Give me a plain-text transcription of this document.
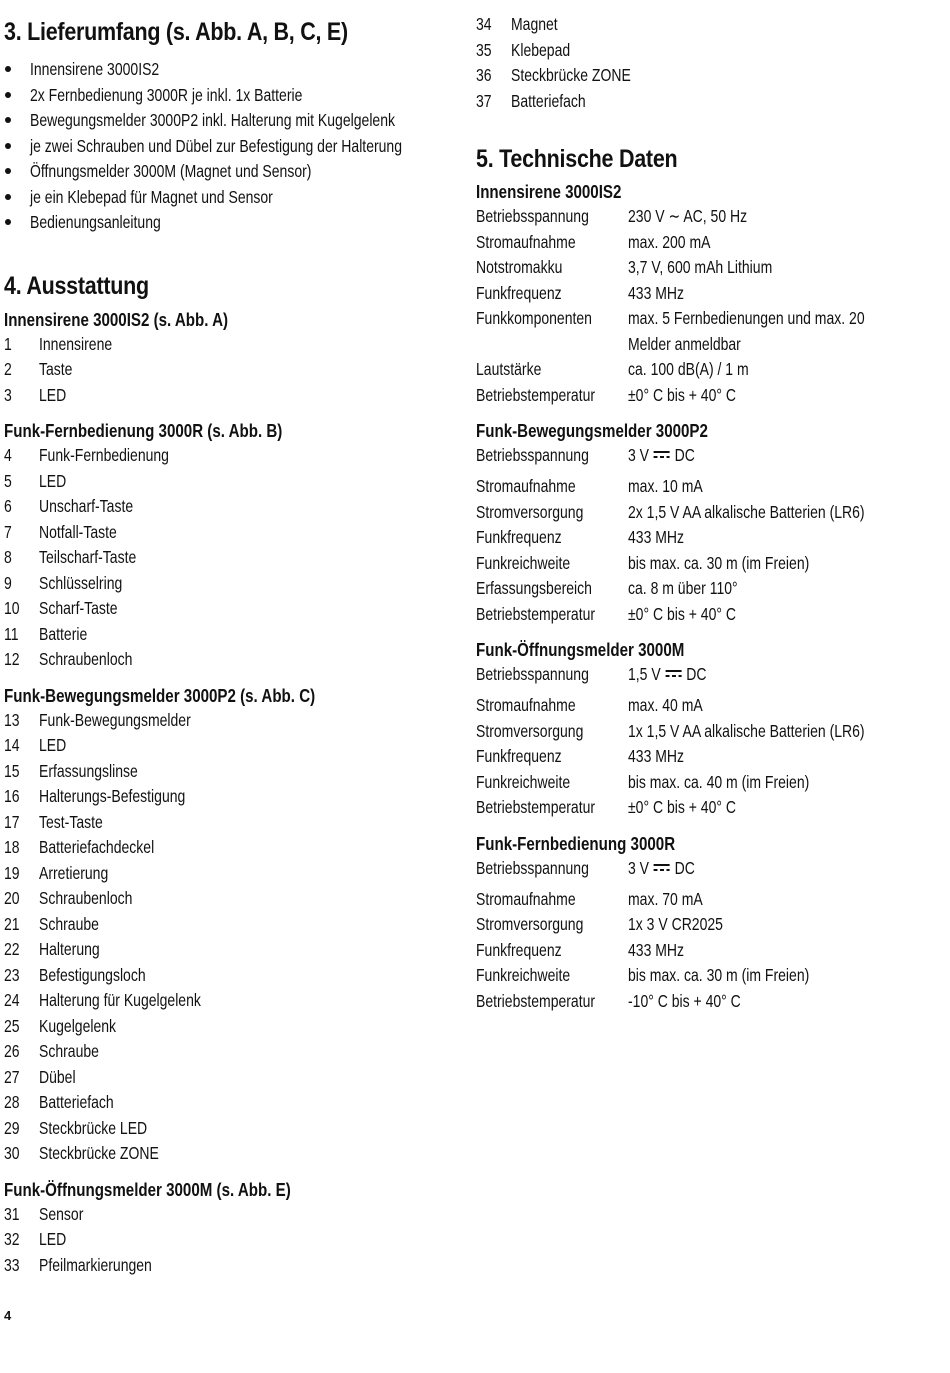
3. Lieferumfang (s. Abb. A, B, C, E)
Innensirene 3000IS2
2x Fernbedienung 3000R je inkl. 1x Batterie
Bewegungsmelder 3000P2 inkl. Halterung mit Kugelgelenk
je zwei Schrauben und Dübel zur Befestigung der Halterung
Öffnungsmelder 3000M (Magnet und Sensor)
je ein Klebepad für Magnet und Sensor
Bedienungsanleitung
4. Ausstattung
Innensirene 3000IS2 (s. Abb. A)
1	Innensirene
2	Taste
3	LED
Funk-Fernbedienung 3000R (s. Abb. B)
4	Funk-Fernbedienung
5	LED
6	Unscharf-Taste
7	Notfall-Taste
8	Teilscharf-Taste
9	Schlüsselring
10	Scharf-Taste
11	Batterie
12	Schraubenloch
Funk-Bewegungsmelder 3000P2 (s. Abb. C)
13	Funk-Bewegungsmelder
14	LED
15	Erfassungslinse
16	Halterungs-Befestigung
17	Test-Taste
18	Batteriefachdeckel
19	Arretierung
20	Schraubenloch
21	Schraube
22	Halterung
23	Befestigungsloch
24	Halterung für Kugelgelenk
25	Kugelgelenk
26	Schraube
27	Dübel
28	Batteriefach
29	Steckbrücke LED
30	Steckbrücke ZONE
Funk-Öffnungsmelder 3000M (s. Abb. E)
31	Sensor
32	LED
33	Pfeilmarkierungen
34	Magnet
35	Klebepad
36	Steckbrücke ZONE
37	Batteriefach
5. Technische Daten
Innensirene 3000IS2
Betriebsspannung	230 V ∼ AC, 50 Hz
Stromaufnahme	max. 200 mA
Notstromakku	3,7 V, 600 mAh Lithium
Funkfrequenz	433 MHz
Funkkomponenten	max. 5 Fernbedienungen und max. 20 Melder anmeldbar
Lautstärke	ca. 100 dB(A) / 1 m
Betriebstemperatur	±0° C bis + 40° C
Funk-Bewegungsmelder 3000P2
Betriebsspannung	3 V DC
Stromaufnahme	max. 10 mA
Stromversorgung	2x 1,5 V AA alkalische Batterien (LR6)
Funkfrequenz	433 MHz
Funkreichweite	bis max. ca. 30 m (im Freien)
Erfassungsbereich	ca. 8 m über 110°
Betriebstemperatur	±0° C bis + 40° C
Funk-Öffnungsmelder 3000M
Betriebsspannung	1,5 V DC
Stromaufnahme	max. 40 mA
Stromversorgung	1x 1,5 V AA alkalische Batterien (LR6)
Funkfrequenz	433 MHz
Funkreichweite	bis max. ca. 40 m (im Freien)
Betriebstemperatur	±0° C bis + 40° C
Funk-Fernbedienung 3000R
Betriebsspannung	3 V DC
Stromaufnahme	max. 70 mA
Stromversorgung	1x 3 V CR2025
Funkfrequenz	433 MHz
Funkreichweite	bis max. ca. 30 m (im Freien)
Betriebstemperatur	-10° C bis + 40° C
4
